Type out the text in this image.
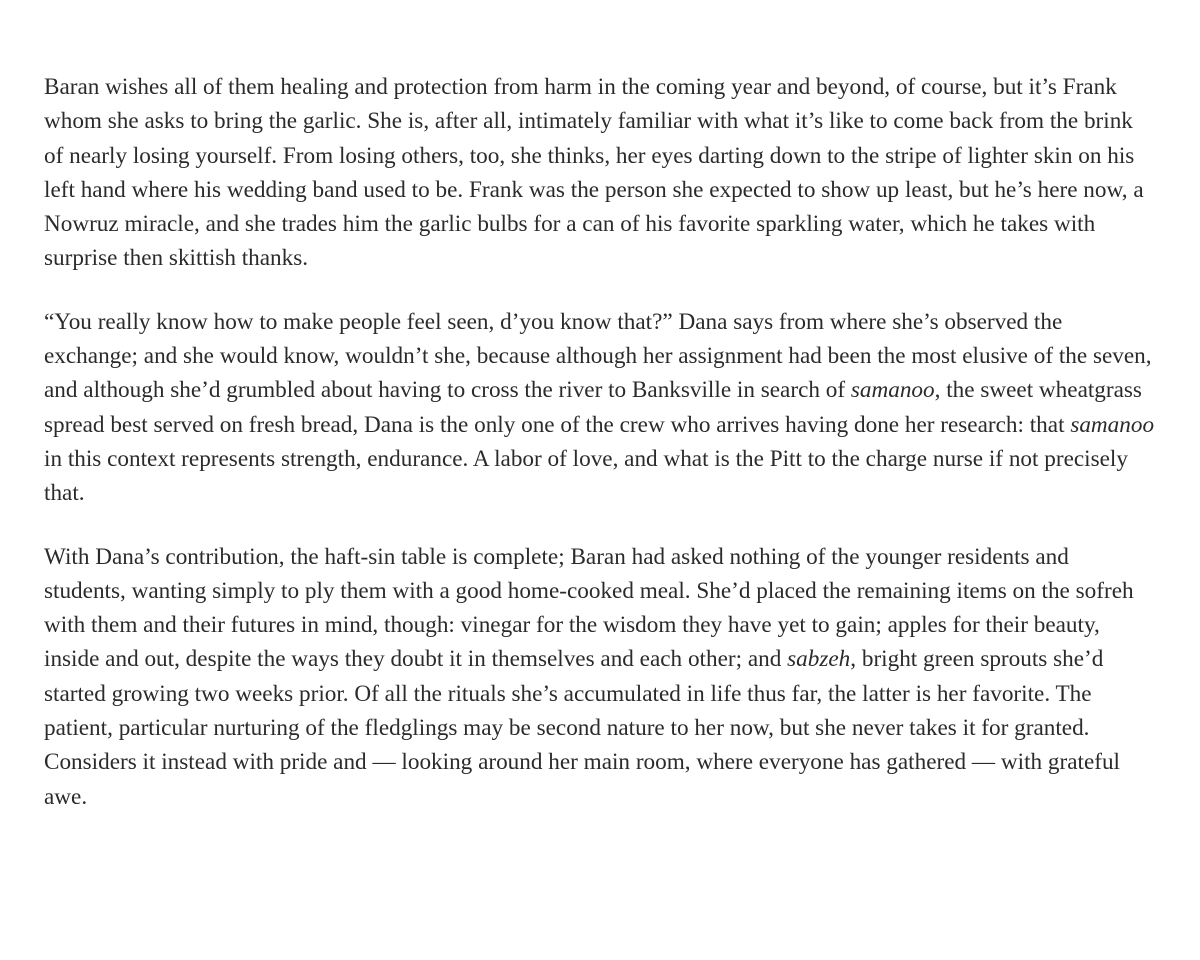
Baran wishes all of them healing and protection from harm in the coming year and beyond, of course, but it’s Frank whom she asks to bring the garlic. She is, after all, intimately familiar with what it’s like to come back from the brink of nearly losing yourself. From losing others, too, she thinks, her eyes darting down to the stripe of lighter skin on his left hand where his wedding band used to be. Frank was the person she expected to show up least, but he’s here now, a Nowruz miracle, and she trades him the garlic bulbs for a can of his favorite sparkling water, which he takes with surprise then skittish thanks.

“You really know how to make people feel seen, d’you know that?” Dana says from where she’s observed the exchange; and she would know, wouldn’t she, because although her assignment had been the most elusive of the seven, and although she’d grumbled about having to cross the river to Banksville in search of samanoo, the sweet wheatgrass spread best served on fresh bread, Dana is the only one of the crew who arrives having done her research: that samanoo in this context represents strength, endurance. A labor of love, and what is the Pitt to the charge nurse if not precisely that.

With Dana’s contribution, the haft-sin table is complete; Baran had asked nothing of the younger residents and students, wanting simply to ply them with a good home-cooked meal. She’d placed the remaining items on the sofreh with them and their futures in mind, though: vinegar for the wisdom they have yet to gain; apples for their beauty, inside and out, despite the ways they doubt it in themselves and each other; and sabzeh, bright green sprouts she’d started growing two weeks prior. Of all the rituals she’s accumulated in life thus far, the latter is her favorite. The patient, particular nurturing of the fledglings may be second nature to her now, but she never takes it for granted. Considers it instead with pride and — looking around her main room, where everyone has gathered — with grateful awe.
